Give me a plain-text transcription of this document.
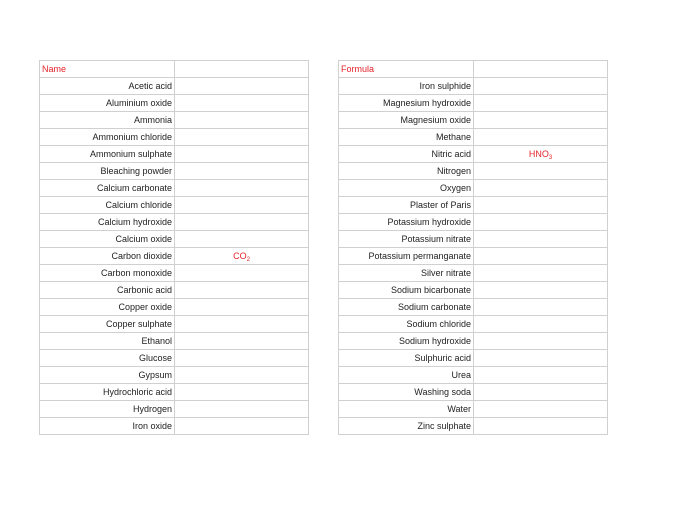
Name	
Acetic acid	
Aluminium oxide	
Ammonia	
Ammonium chloride	
Ammonium sulphate	
Bleaching powder	
Calcium carbonate	
Calcium chloride	
Calcium hydroxide	
Calcium oxide	
Carbon dioxide	$CO_2$
Carbon monoxide	
Carbonic acid	
Copper oxide	
Copper sulphate	
Ethanol	
Glucose	
Gypsum	
Hydrochloric acid	
Hydrogen	
Iron oxide	
Formula	
Iron sulphide	
Magnesium hydroxide	
Magnesium oxide	
Methane	
Nitric acid	$HNO_3$
Nitrogen	
Oxygen	
Plaster of Paris	
Potassium hydroxide	
Potassium nitrate	
Potassium permanganate	
Silver nitrate	
Sodium bicarbonate	
Sodium carbonate	
Sodium chloride	
Sodium hydroxide	
Sulphuric acid	
Urea	
Washing soda	
Water	
Zinc sulphate	
